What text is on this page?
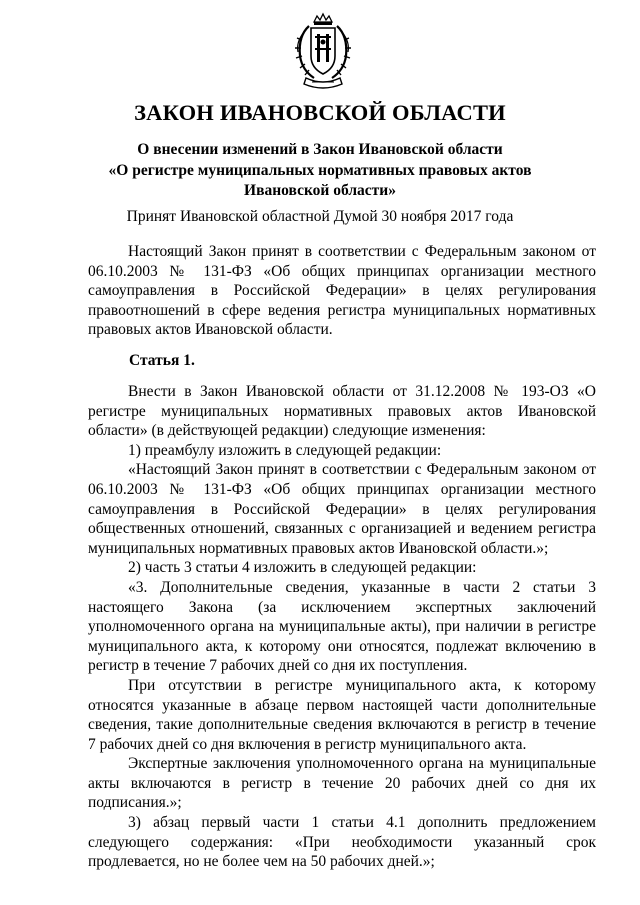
ЗАКОН ИВАНОВСКОЙ ОБЛАСТИ
О внесении изменений в Закон Ивановской области
«О регистре муниципальных нормативных правовых актов
Ивановской области»
Принят Ивановской областной Думой 30 ноября 2017 года

Настоящий Закон принят в соответствии с Федеральным законом от 06.10.2003 № 131-ФЗ «Об общих принципах организации местного самоуправления в Российской Федерации» в целях регулирования правоотношений в сфере ведения регистра муниципальных нормативных правовых актов Ивановской области.

Статья 1.

Внести в Закон Ивановской области от 31.12.2008 № 193-ОЗ «О регистре муниципальных нормативных правовых актов Ивановской области» (в действующей редакции) следующие изменения:

1) преамбулу изложить в следующей редакции:

«Настоящий Закон принят в соответствии с Федеральным законом от 06.10.2003 № 131-ФЗ «Об общих принципах организации местного самоуправления в Российской Федерации» в целях регулирования общественных отношений, связанных с организацией и ведением регистра муниципальных нормативных правовых актов Ивановской области.»;

2) часть 3 статьи 4 изложить в следующей редакции:

«3. Дополнительные сведения, указанные в части 2 статьи 3 настоящего Закона (за исключением экспертных заключений уполномоченного органа на муниципальные акты), при наличии в регистре муниципального акта, к которому они относятся, подлежат включению в регистр в течение 7 рабочих дней со дня их поступления.

При отсутствии в регистре муниципального акта, к которому относятся указанные в абзаце первом настоящей части дополнительные сведения, такие дополнительные сведения включаются в регистр в течение 7 рабочих дней со дня включения в регистр муниципального акта.

Экспертные заключения уполномоченного органа на муниципальные акты включаются в регистр в течение 20 рабочих дней со дня их подписания.»;

3) абзац первый части 1 статьи 4.1 дополнить предложением следующего содержания: «При необходимости указанный срок продлевается, но не более чем на 50 рабочих дней.»;
